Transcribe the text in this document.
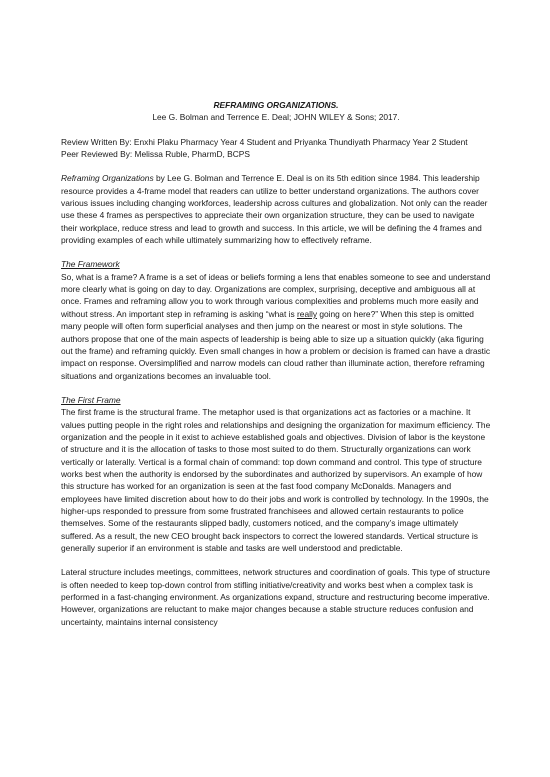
REFRAMING ORGANIZATIONS.

Lee G. Bolman and Terrence E. Deal; JOHN WILEY & Sons; 2017.

Review Written By: Enxhi Plaku Pharmacy Year 4 Student and Priyanka Thundiyath Pharmacy Year 2 Student

Peer Reviewed By: Melissa Ruble, PharmD, BCPS

Reframing Organizations by Lee G. Bolman and Terrence E. Deal is on its 5th edition since 1984. This leadership resource provides a 4-frame model that readers can utilize to better understand organizations. The authors cover various issues including changing workforces, leadership across cultures and globalization. Not only can the reader use these 4 frames as perspectives to appreciate their own organization structure, they can be used to navigate their workplace, reduce stress and lead to growth and success. In this article, we will be defining the 4 frames and providing examples of each while ultimately summarizing how to effectively reframe.

The Framework

So, what is a frame? A frame is a set of ideas or beliefs forming a lens that enables someone to see and understand more clearly what is going on day to day. Organizations are complex, surprising, deceptive and ambiguous all at once. Frames and reframing allow you to work through various complexities and problems much more easily and without stress. An important step in reframing is asking “what is really going on here?” When this step is omitted many people will often form superficial analyses and then jump on the nearest or most in style solutions. The authors propose that one of the main aspects of leadership is being able to size up a situation quickly (aka figuring out the frame) and reframing quickly. Even small changes in how a problem or decision is framed can have a drastic impact on response. Oversimplified and narrow models can cloud rather than illuminate action, therefore reframing situations and organizations becomes an invaluable tool.

The First Frame

The first frame is the structural frame. The metaphor used is that organizations act as factories or a machine. It values putting people in the right roles and relationships and designing the organization for maximum efficiency. The organization and the people in it exist to achieve established goals and objectives. Division of labor is the keystone of structure and it is the allocation of tasks to those most suited to do them. Structurally organizations can work vertically or laterally. Vertical is a formal chain of command: top down command and control. This type of structure works best when the authority is endorsed by the subordinates and authorized by supervisors. An example of how this structure has worked for an organization is seen at the fast food company McDonalds. Managers and employees have limited discretion about how to do their jobs and work is controlled by technology. In the 1990s, the higher-ups responded to pressure from some frustrated franchisees and allowed certain restaurants to police themselves. Some of the restaurants slipped badly, customers noticed, and the company’s image ultimately suffered. As a result, the new CEO brought back inspectors to correct the lowered standards. Vertical structure is generally superior if an environment is stable and tasks are well understood and predictable.

Lateral structure includes meetings, committees, network structures and coordination of goals. This type of structure is often needed to keep top-down control from stifling initiative/creativity and works best when a complex task is performed in a fast-changing environment. As organizations expand, structure and restructuring become imperative. However, organizations are reluctant to make major changes because a stable structure reduces confusion and uncertainty, maintains internal consistency
